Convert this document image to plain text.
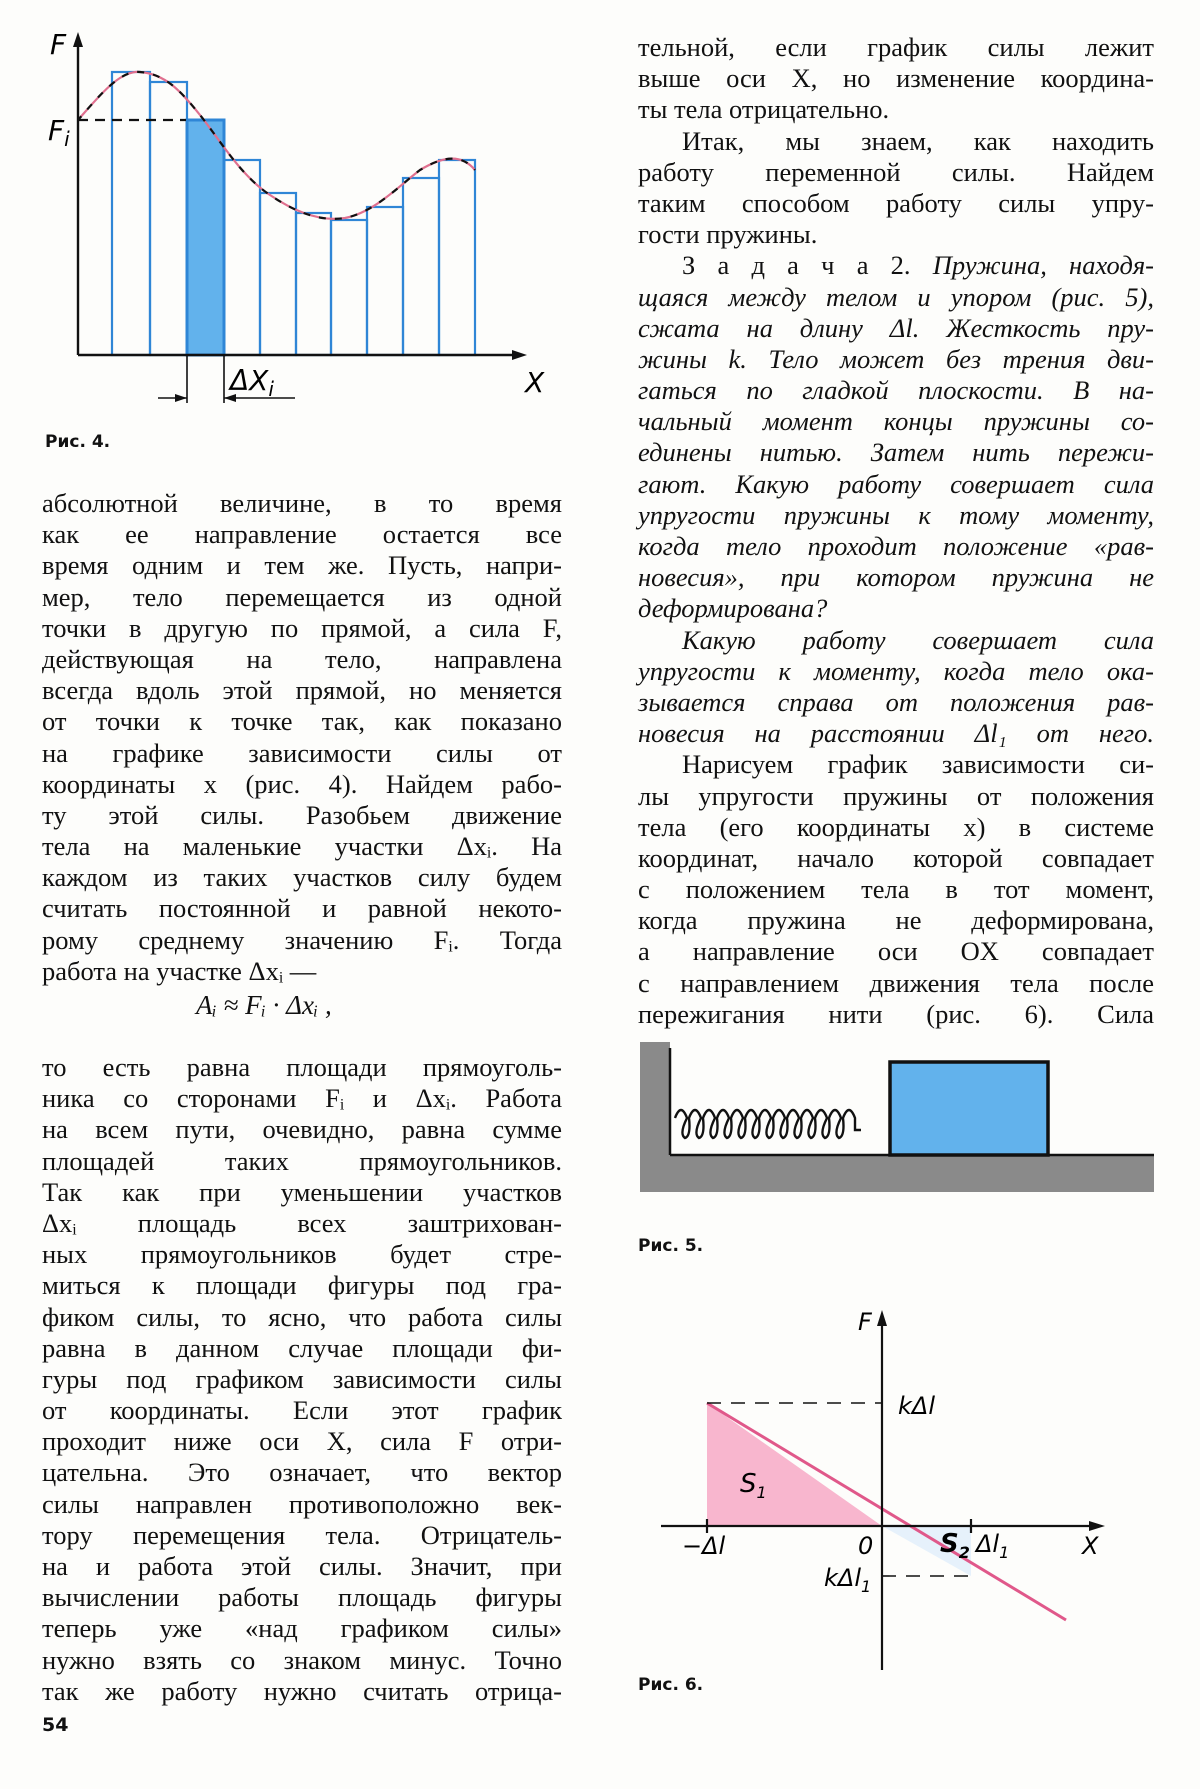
F
$F_i$
$\Delta X_i$	X
Рис. 4.
абсолютной величине, в то время
как ее направление остается все
время одним и тем же. Пусть, напри-
мер, тело перемещается из одной
точки в другую по прямой, а сила F,
действующая на тело, направлена
всегда вдоль этой прямой, но меняется
от точки к точке так, как показано
на графике зависимости силы от
координаты x (рис. 4). Найдем рабо-
ту этой силы. Разобьем движение
тела на маленькие участки Δxᵢ. На
каждом из таких участков силу будем
считать постоянной и равной некото-
рому среднему значению Fᵢ. Тогда
работа на участке Δxᵢ —
Aᵢ ≈ Fᵢ · Δxᵢ ,
то есть равна площади прямоуголь-
ника со сторонами Fᵢ и Δxᵢ. Работа
на всем пути, очевидно, равна сумме
площадей таких прямоугольников.
Так как при уменьшении участков
Δxᵢ площадь всех заштрихован-
ных прямоугольников будет стре-
миться к площади фигуры под гра-
фиком силы, то ясно, что работа силы
равна в данном случае площади фи-
гуры под графиком зависимости силы
от координаты. Если этот график
проходит ниже оси X, сила F отри-
цательна. Это означает, что вектор
силы направлен противоположно век-
тору перемещения тела. Отрицатель-
на и работа этой силы. Значит, при
вычислении работы площадь фигуры
теперь уже «над графиком силы»
нужно взять со знаком минус. Точно
так же работу нужно считать отрица-
54
тельной, если график силы лежит
выше оси X, но изменение координа-
ты тела отрицательно.
Итак, мы знаем, как находить
работу переменной силы. Найдем
таким способом работу силы упру-
гости пружины.
З а д а ч а 2. Пружина, находя-
щаяся между телом и упором (рис. 5),
сжата на длину Δl. Жесткость пру-
жины k. Тело может без трения дви-
гаться по гладкой плоскости. В на-
чальный момент концы пружины со-
единены нитью. Затем нить пережи-
гают. Какую работу совершает сила
упругости пружины к тому моменту,
когда тело проходит положение «рав-
новесия», при котором пружина не
деформирована?
Какую работу совершает сила
упругости к моменту, когда тело ока-
зывается справа от положения рав-
новесия на расстоянии Δl₁ от него.
Нарисуем график зависимости си-
лы упругости пружины от положения
тела (его координаты x) в системе
координат, начало которой совпадает
с положением тела в тот момент,
когда пружина не деформирована,
а направление оси OX совпадает
с направлением движения тела после
пережигания нити (рис. 6). Сила
Рис. 5.
F
kΔl
$S_1$
−Δl	0	$S_2$ $\Delta l_1$	X
kΔl$_1$
Рис. 6.
